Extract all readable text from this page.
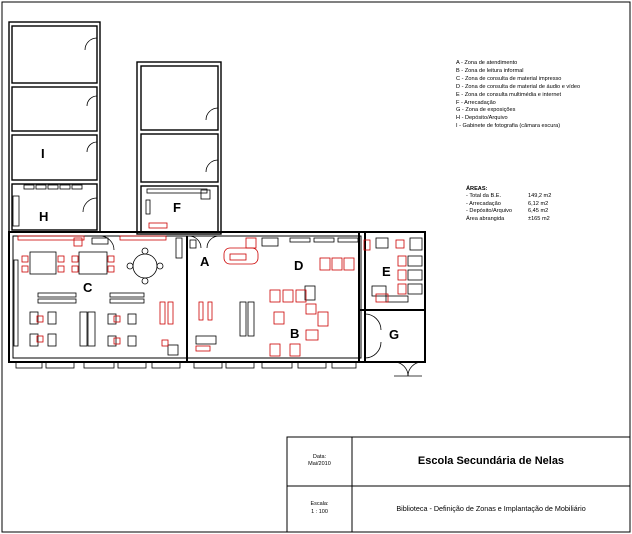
A - Zona de atendimento
B - Zona de leitura informal
C - Zona de consulta de material impresso
D - Zona de consulta de material de áudio e vídeo
E - Zona de consulta multimédia e internet
F - Arrecadação
G - Zona de exposições
H - Depósito/Arquivo
I - Gabinete de fotografia (câmara escura)
ÁREAS:
- Total da B.E.	149,2 m2
- Arrecadação	6,12 m2
- Depósito/Arquivo	6,45 m2
Área abrangida	±165 m2
I
H
F
C
A	D
B
E
G
Data:
Mai/2010
Escala:
1 : 100
Escola Secundária de Nelas
Biblioteca - Definição de Zonas e Implantação de Mobiliário
